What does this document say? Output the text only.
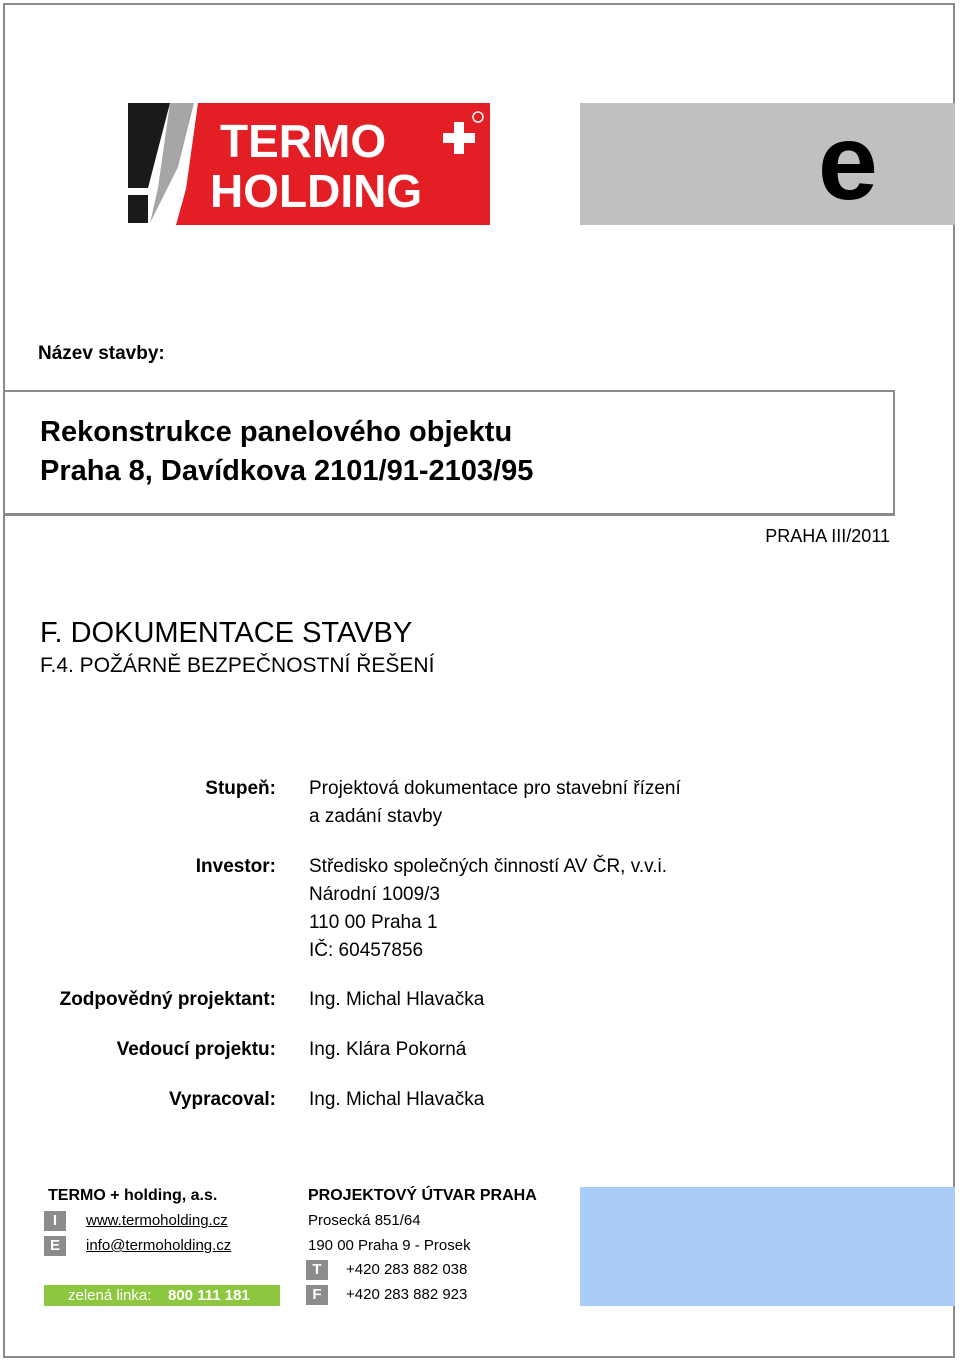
TERMO
HOLDING	e
Název stavby:
Rekonstrukce panelového objektu
Praha 8, Davídkova 2101/91-2103/95
PRAHA III/2011
F. DOKUMENTACE STAVBY
F.4. POŽÁRNĚ BEZPEČNOSTNÍ ŘEŠENÍ
Stupeň: Projektová dokumentace pro stavební řízení
a zadání stavby
Investor: Středisko společných činností AV ČR, v.v.i.
Národní 1009/3
110 00 Praha 1
IČ: 60457856
Zodpovědný projektant: Ing. Michal Hlavačka
Vedoucí projektu: Ing. Klára Pokorná
Vypracoval: Ing. Michal Hlavačka
TERMO + holding, a.s.
I	www.termoholding.cz
E	info@termoholding.cz
zelená linka: 800 111 181
PROJEKTOVÝ ÚTVAR PRAHA
Prosecká 851/64
190 00 Praha 9 - Prosek
T	+420 283 882 038
F	+420 283 882 923
